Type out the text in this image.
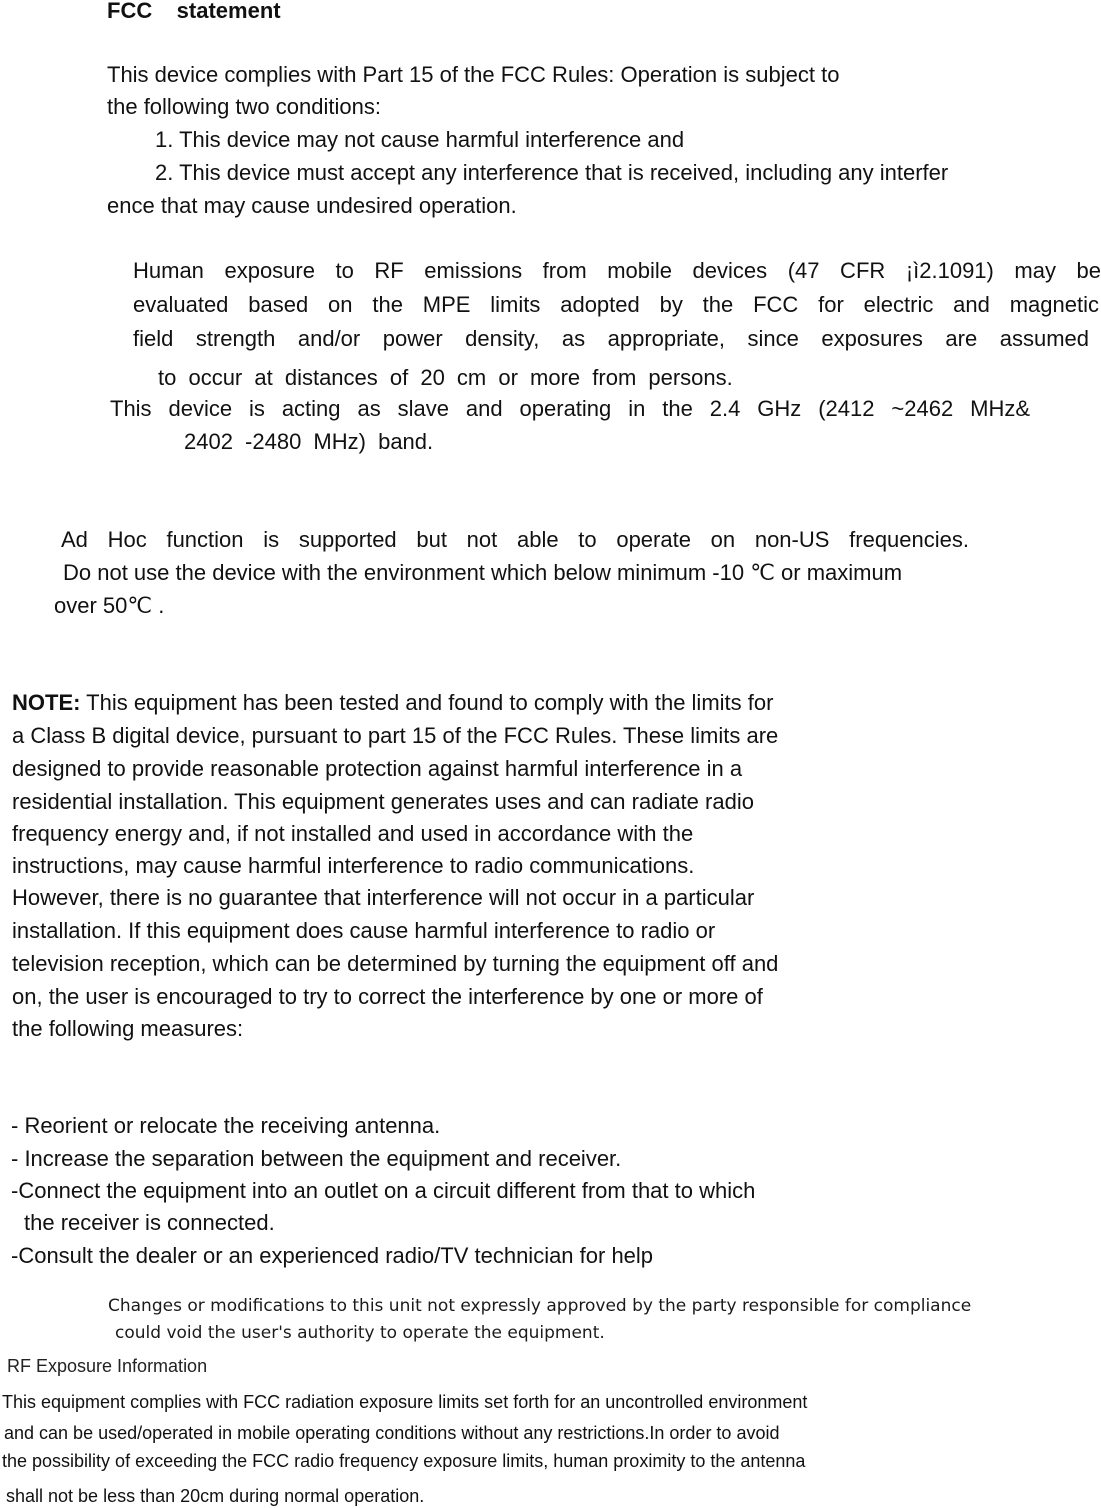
FCC    statement

This device complies with Part 15 of the FCC Rules: Operation is subject to

the following two conditions:

1. This device may not cause harmful interference and

2. This device must accept any interference that is received, including any interfer

ence that may cause undesired operation.

Human exposure to RF emissions from mobile devices (47 CFR ¡ì2.1091) may be

evaluated based on the MPE limits adopted by the FCC for electric and magnetic

field strength and/or power density, as appropriate, since exposures are assumed

to occur at distances of 20 cm or more from persons.

This device is acting as slave and operating in the 2.4 GHz (2412 ~2462 MHz&

2402 -2480 MHz) band.

Ad Hoc function is supported but not able to operate on non-US frequencies.

Do not use the device with the environment which below minimum -10 ℃ or maximum

over 50℃ .

NOTE: This equipment has been tested and found to comply with the limits for

a Class B digital device, pursuant to part 15 of the FCC Rules. These limits are

designed to provide reasonable protection against harmful interference in a

residential installation. This equipment generates uses and can radiate radio

frequency energy and, if not installed and used in accordance with the

instructions, may cause harmful interference to radio communications.

However, there is no guarantee that interference will not occur in a particular

installation. If this equipment does cause harmful interference to radio or

television reception, which can be determined by turning the equipment off and

on, the user is encouraged to try to correct the interference by one or more of

the following measures:

- Reorient or relocate the receiving antenna.

- Increase the separation between the equipment and receiver.

-Connect the equipment into an outlet on a circuit different from that to which

the receiver is connected.

-Consult the dealer or an experienced radio/TV technician for help

Changes or modifications to this unit not expressly approved by the party responsible for compliance

could void the user's authority to operate the equipment.

RF Exposure Information

This equipment complies with FCC radiation exposure limits set forth for an uncontrolled environment

and can be used/operated in mobile operating conditions without any restrictions.In order to avoid

the possibility of exceeding the FCC radio frequency exposure limits, human proximity to the antenna

shall not be less than 20cm during normal operation.
